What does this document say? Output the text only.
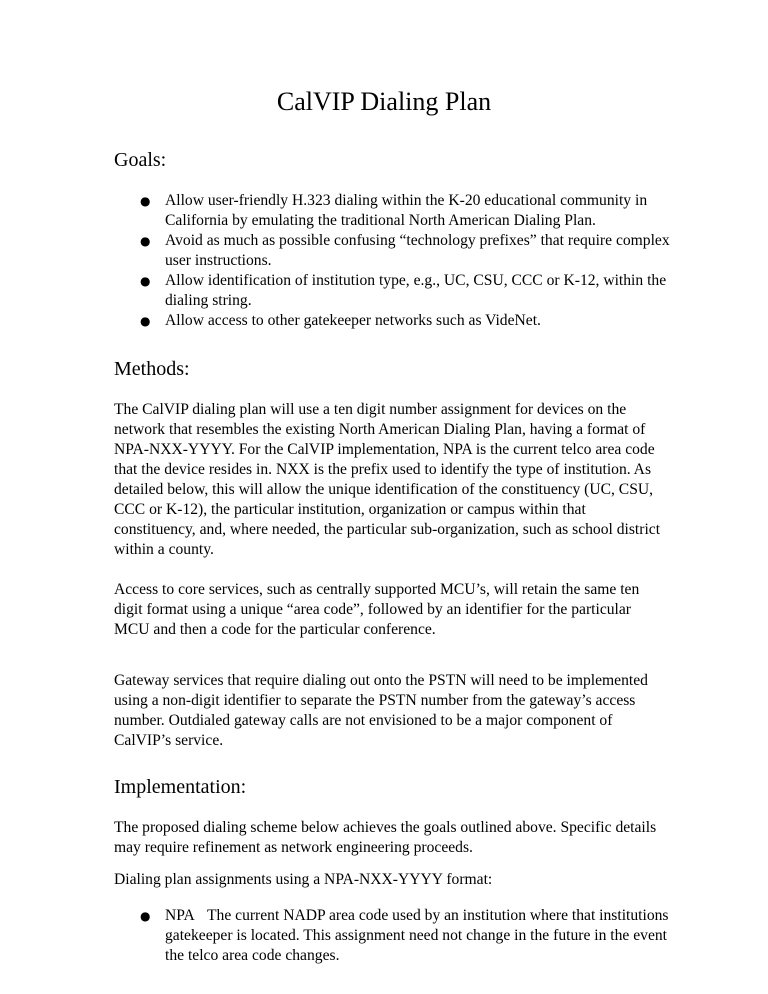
CalVIP Dialing Plan
Goals:
● Allow user-friendly H.323 dialing within the K-20 educational community in California by emulating the traditional North American Dialing Plan.
● Avoid as much as possible confusing “technology prefixes” that require complex user instructions.
● Allow identification of institution type, e.g., UC, CSU, CCC or K-12, within the dialing string.
● Allow access to other gatekeeper networks such as VideNet.
Methods:
The CalVIP dialing plan will use a ten digit number assignment for devices on the network that resembles the existing North American Dialing Plan, having a format of NPA-NXX-YYYY. For the CalVIP implementation, NPA is the current telco area code that the device resides in. NXX is the prefix used to identify the type of institution. As detailed below, this will allow the unique identification of the constituency (UC, CSU, CCC or K-12), the particular institution, organization or campus within that constituency, and, where needed, the particular sub-organization, such as school district within a county.
Access to core services, such as centrally supported MCU’s, will retain the same ten digit format using a unique “area code”, followed by an identifier for the particular MCU and then a code for the particular conference.
Gateway services that require dialing out onto the PSTN will need to be implemented using a non-digit identifier to separate the PSTN number from the gateway’s access number. Outdialed gateway calls are not envisioned to be a major component of CalVIP’s service.
Implementation:
The proposed dialing scheme below achieves the goals outlined above. Specific details may require refinement as network engineering proceeds.
Dialing plan assignments using a NPA-NXX-YYYY format:
● NPA The current NADP area code used by an institution where that institutions gatekeeper is located. This assignment need not change in the future in the event the telco area code changes.
